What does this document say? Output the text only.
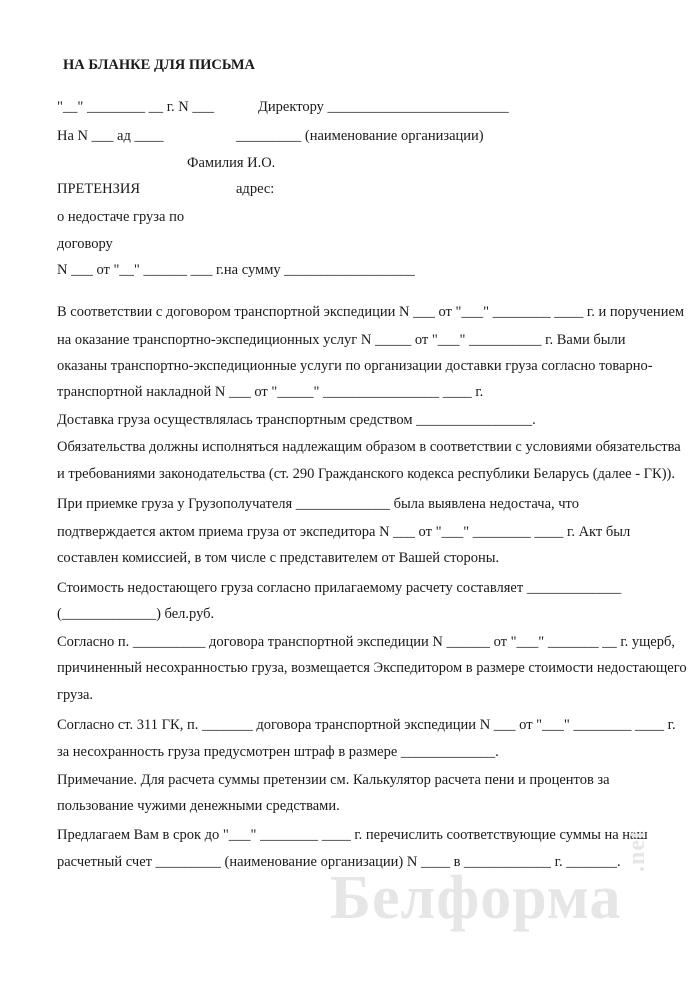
НА БЛАНКЕ ДЛЯ ПИСЬМА
"__" ________ __ г. N ___	Директору _________________________
На N ___ ад ____	_________ (наименование организации)
Фамилия И.О.
ПРЕТЕНЗИЯ	адрес:
о недостаче груза по
договору
N ___ от "__" ______ ___ г.на сумму __________________
В соответствии с договором транспортной экспедиции N ___ от "___" ________ ____ г. и поручением
на оказание транспортно-экспедиционных услуг N _____ от "___" __________ г. Вами были
оказаны транспортно-экспедиционные услуги по организации доставки груза согласно товарно-
транспортной накладной N ___ от "_____" ________________ ____ г.
Доставка груза осуществлялась транспортным средством ________________.
Обязательства должны исполняться надлежащим образом в соответствии с условиями обязательства
и требованиями законодательства (ст. 290 Гражданского кодекса республики Беларусь (далее - ГК)).
При приемке груза у Грузополучателя _____________ была выявлена недостача, что
подтверждается актом приема груза от экспедитора N ___ от "___" ________ ____ г. Акт был
составлен комиссией, в том числе с представителем от Вашей стороны.
Стоимость недостающего груза согласно прилагаемому расчету составляет _____________
(_____________) бел.руб.
Согласно п. __________ договора транспортной экспедиции N ______ от "___" _______ __ г. ущерб,
причиненный несохранностью груза, возмещается Экспедитором в размере стоимости недостающего
груза.
Согласно ст. 311 ГК, п. _______ договора транспортной экспедиции N ___ от "___" ________ ____ г.
за несохранность груза предусмотрен штраф в размере _____________.
Примечание. Для расчета суммы претензии см. Калькулятор расчета пени и процентов за
пользование чужими денежными средствами.
Предлагаем Вам в срок до "___" ________ ____ г. перечислить соответствующие суммы на наш
расчетный счет _________ (наименование организации) N ____ в ____________ г. _______.
Белформа
.net
